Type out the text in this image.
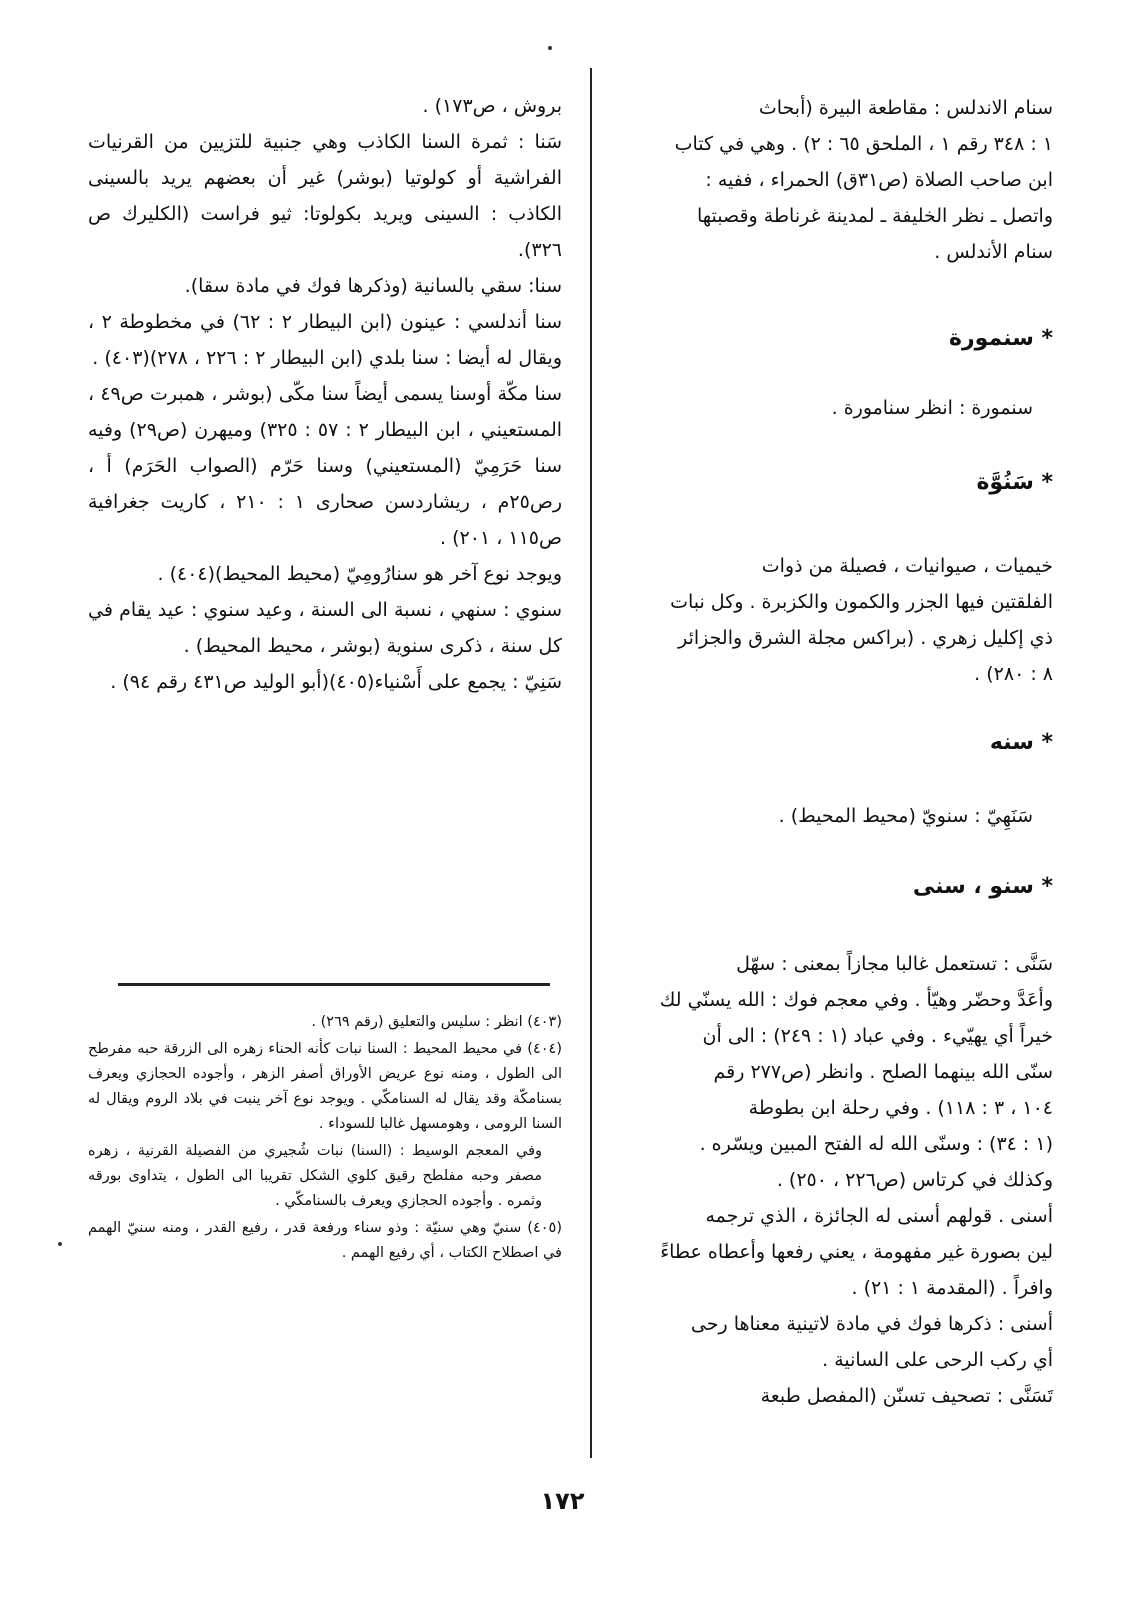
سنام الاندلس : مقاطعة البيرة (أبحاث

١ : ٣٤٨ رقم ١ ، الملحق ٦٥ : ٢) . وهي في كتاب

ابن صاحب الصلاة (ص٣١ق) الحمراء ، ففيه :

واتصل ـ نظر الخليفة ـ لمدينة غرناطة وقصبتها

سنام الأندلس .

* سنمورة

سنمورة : انظر سنامورة .

* سَنُوَّة

خيميات ، صيوانيات ، فصيلة من ذوات

الفلقتين فيها الجزر والكمون والكزبرة . وكل نبات

ذي إكليل زهري . (براكس مجلة الشرق والجزائر

٨ : ٢٨٠) .

* سنه

سَنَهِيّ : سنويّ (محيط المحيط) .

* سنو ، سنى

سَنَّى : تستعمل غالبا مجازاً بمعنى : سهّل

وأعَدَّ وحضّر وهيّأ . وفي معجم فوك : الله يسنّي لك

خيراً أي يهيّيء . وفي عباد (١ : ٢٤٩) : الى أن

سنّى الله بينهما الصلح . وانظر (ص٢٧٧ رقم

١٠٤ ، ٣ : ١١٨) . وفي رحلة ابن بطوطة

(١ : ٣٤) : وسنّى الله له الفتح المبين ويسّره .

وكذلك في كرتاس (ص٢٢٦ ، ٢٥٠) .

أسنى . قولهم أسنى له الجائزة ، الذي ترجمه

لين بصورة غير مفهومة ، يعني رفعها وأعطاه عطاءً

وافراً . (المقدمة ١ : ٢١) .

أسنى : ذكرها فوك في مادة لاتينية معناها رحى

أي ركب الرحى على السانية .

تَسَنَّى : تصحيف تسنّن (المفصل طبعة

بروش ، ص١٧٣) .

سَنا : ثمرة السنا الكاذب وهي جنبية للتزيين من القرنيات الفراشية أو كولوتيا (بوشر) غير أن بعضهم يريد بالسينى الكاذب : السينى ويريد بكولوتا: ثيو فراست (الكليرك ص ٣٢٦).

سنا: سقي بالسانية (وذكرها فوك في مادة سقا).

سنا أندلسي : عينون (ابن البيطار ٢ : ٦٢) في مخطوطة ٢ ، ويقال له أيضا : سنا بلدي (ابن البيطار ٢ : ٢٢٦ ، ٢٧٨)(٤٠٣) .

سنا مكّة أوسنا يسمى أيضاً سنا مكّى (بوشر ، همبرت ص٤٩ ، المستعيني ، ابن البيطار ٢ : ٥٧ : ٣٢٥) وميهرن (ص٢٩) وفيه سنا حَرَمِيّ (المستعيني) وسنا حَرّم (الصواب الحَرَم) أ ، رص٢٥م ، ريشاردسن صحارى ١ : ٢١٠ ، كاريت جغرافية ص١١٥ ، ٢٠١) .

ويوجد نوع آخر هو سنارُومِيّ (محيط المحيط)(٤٠٤) .

سنوي : سنهي ، نسبة الى السنة ، وعيد سنوي : عيد يقام في كل سنة ، ذكرى سنوية (بوشر ، محيط المحيط) .

سَنِيّ : يجمع على أَسْنياء(٤٠٥)(أبو الوليد ص٤٣١ رقم ٩٤) .

(٤٠٣) انظر : سليس والتعليق (رقم ٢٦٩) .

(٤٠٤) في محيط المحيط : السنا نبات كأنه الحناء زهره الى الزرقة حبه مفرطح الى الطول ، ومنه نوع عريض الأوراق أصفر الزهر ، وأجوده الحجازي ويعرف بسنامكّة وقد يقال له السنامكّي . ويوجد نوع آخر ينبت في بلاد الروم ويقال له السنا الرومى ، وهومسهل غالبا للسوداء .

وفي المعجم الوسيط : (السنا) نبات شُجيري من الفصيلة القرنية ، زهره مصفر وحبه مفلطح رقيق كلوي الشكل تقريبا الى الطول ، يتداوى بورقه وثمره . وأجوده الحجازي ويعرف بالسنامكّي .

(٤٠٥) سنيّ وهي سنيّة : وذو سناء ورفعة قدر ، رفيع القدر ، ومنه سنيّ الهمم في اصطلاح الكتاب ، أي رفيع الهمم .

١٧٢
